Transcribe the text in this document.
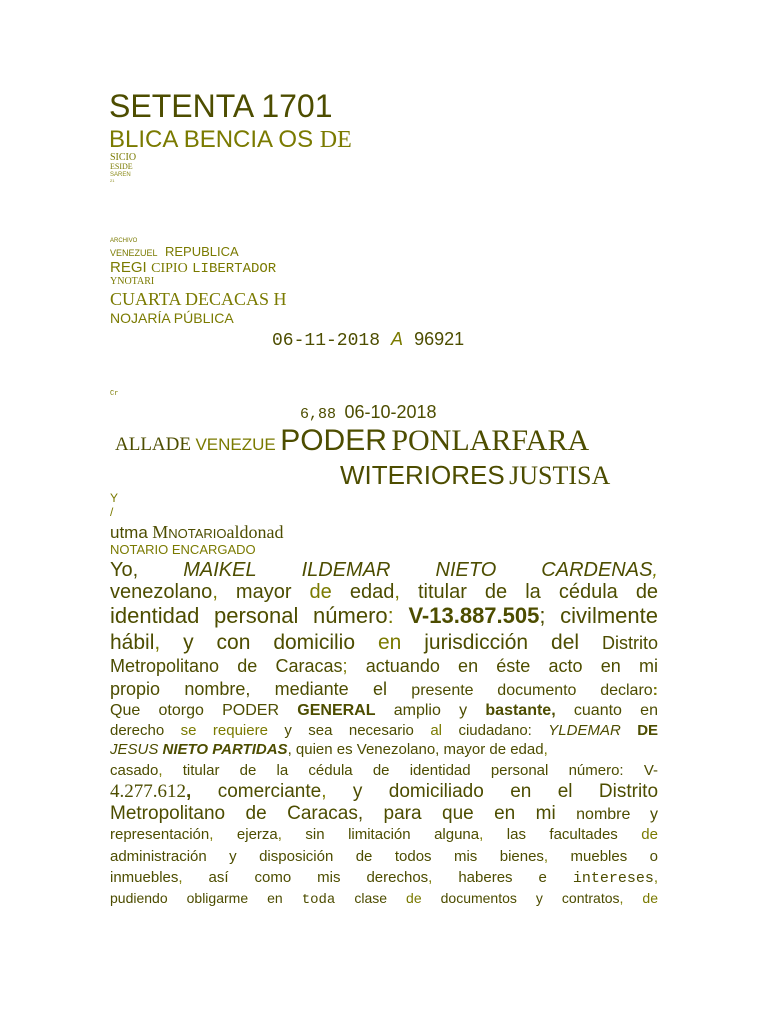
SETENTA 1701
BLICA BENCIA OS DE
SICIO
ESIDE
SAREN
21
ARCHIVO
VENEZUEL REPUBLICA
REGI CIPIO LIBERTADOR
YNOTARI
CUARTA DECACAS H
NOJARÍA PÚBLICA
06-11-2018 A 96921
Cr
6,88 06-10-2018
ALLADE VENEZUE PODER PONLARFARA
WITERIORES JUSTISA
Y
/
utma MNOTARIOaldonad
NOTARIO ENCARGADO
Yo, MAIKEL ILDEMAR NIETO CARDENAS,
venezolano, mayor de edad, titular de la cédula de
identidad personal número: V-13.887.505; civilmente
hábil, y con domicilio en jurisdicción del Distrito
Metropolitano de Caracas; actuando en éste acto en mi
propio nombre, mediante el presente documento declaro:
Que otorgo PODER GENERAL amplio y bastante, cuanto en
derecho se requiere y sea necesario al ciudadano: YLDEMAR DE
JESUS NIETO PARTIDAS, quien es Venezolano, mayor de edad,
casado, titular de la cédula de identidad personal número: V-
4.277.612, comerciante, y domiciliado en el Distrito
Metropolitano de Caracas, para que en mi nombre y
representación, ejerza, sin limitación alguna, las facultades de
administración y disposición de todos mis bienes, muebles o
inmuebles, así como mis derechos, haberes e intereses,
pudiendo obligarme en toda clase de documentos y contratos, de
